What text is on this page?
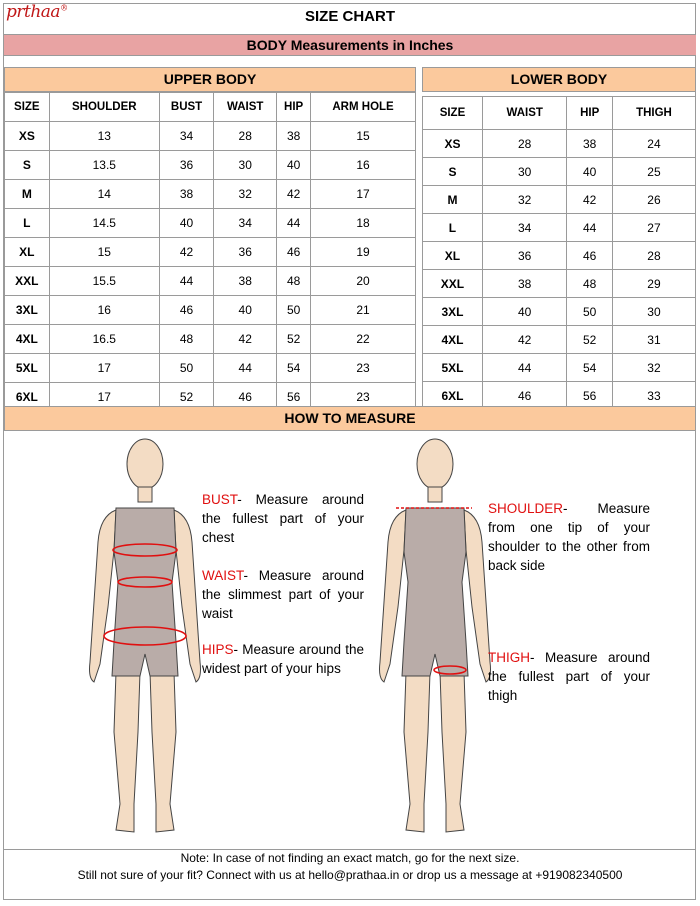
prthaa®
SIZE CHART
BODY Measurements in Inches
UPPER BODY	LOWER BODY
SIZE	SHOULDER	BUST	WAIST	HIP	ARM HOLE
XS	13	34	28	38	15
S	13.5	36	30	40	16
M	14	38	32	42	17
L	14.5	40	34	44	18
XL	15	42	36	46	19
XXL	15.5	44	38	48	20
3XL	16	46	40	50	21
4XL	16.5	48	42	52	22
5XL	17	50	44	54	23
6XL	17	52	46	56	23
SIZE	WAIST	HIP	THIGH
XS	28	38	24
S	30	40	25
M	32	42	26
L	34	44	27
XL	36	46	28
XXL	38	48	29
3XL	40	50	30
4XL	42	52	31
5XL	44	54	32
6XL	46	56	33
HOW TO MEASURE
BUST- Measure around the fullest part of your chest
WAIST- Measure around the slimmest part of your waist
HIPS- Measure around the widest part of your hips
SHOULDER- Measure from one tip of your shoulder to the other from back side
THIGH- Measure around the fullest part of your thigh
Note: In case of not finding an exact match, go for the next size.
Still not sure of your fit? Connect with us at hello@prathaa.in or drop us a message at +919082340500
